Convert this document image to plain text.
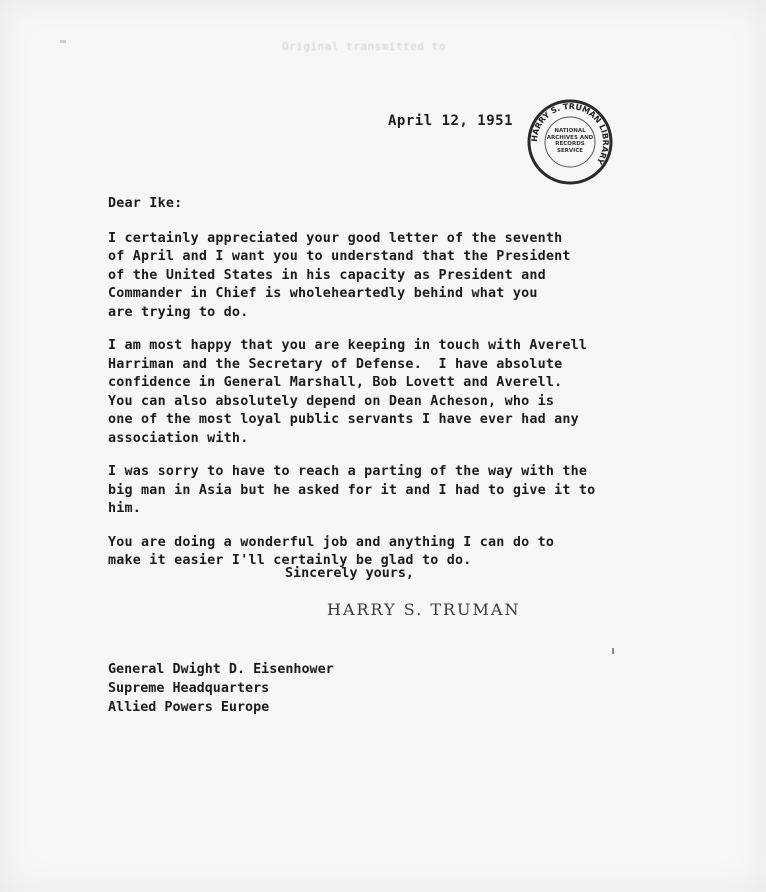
Original transmitted to
April 12, 1951
HARRY S. TRUMAN LIBRARY
NATIONAL ARCHIVES AND RECORDS SERVICE

Dear Ike:

I certainly appreciated your good letter of the seventh
of April and I want you to understand that the President
of the United States in his capacity as President and
Commander in Chief is wholeheartedly behind what you
are trying to do.

I am most happy that you are keeping in touch with Averell
Harriman and the Secretary of Defense.  I have absolute
confidence in General Marshall, Bob Lovett and Averell.
You can also absolutely depend on Dean Acheson, who is
one of the most loyal public servants I have ever had any
association with.

I was sorry to have to reach a parting of the way with the
big man in Asia but he asked for it and I had to give it to
him.

You are doing a wonderful job and anything I can do to
make it easier I'll certainly be glad to do.

Sincerely yours,
HARRY S. TRUMAN
General Dwight D. Eisenhower
Supreme Headquarters
Allied Powers Europe
